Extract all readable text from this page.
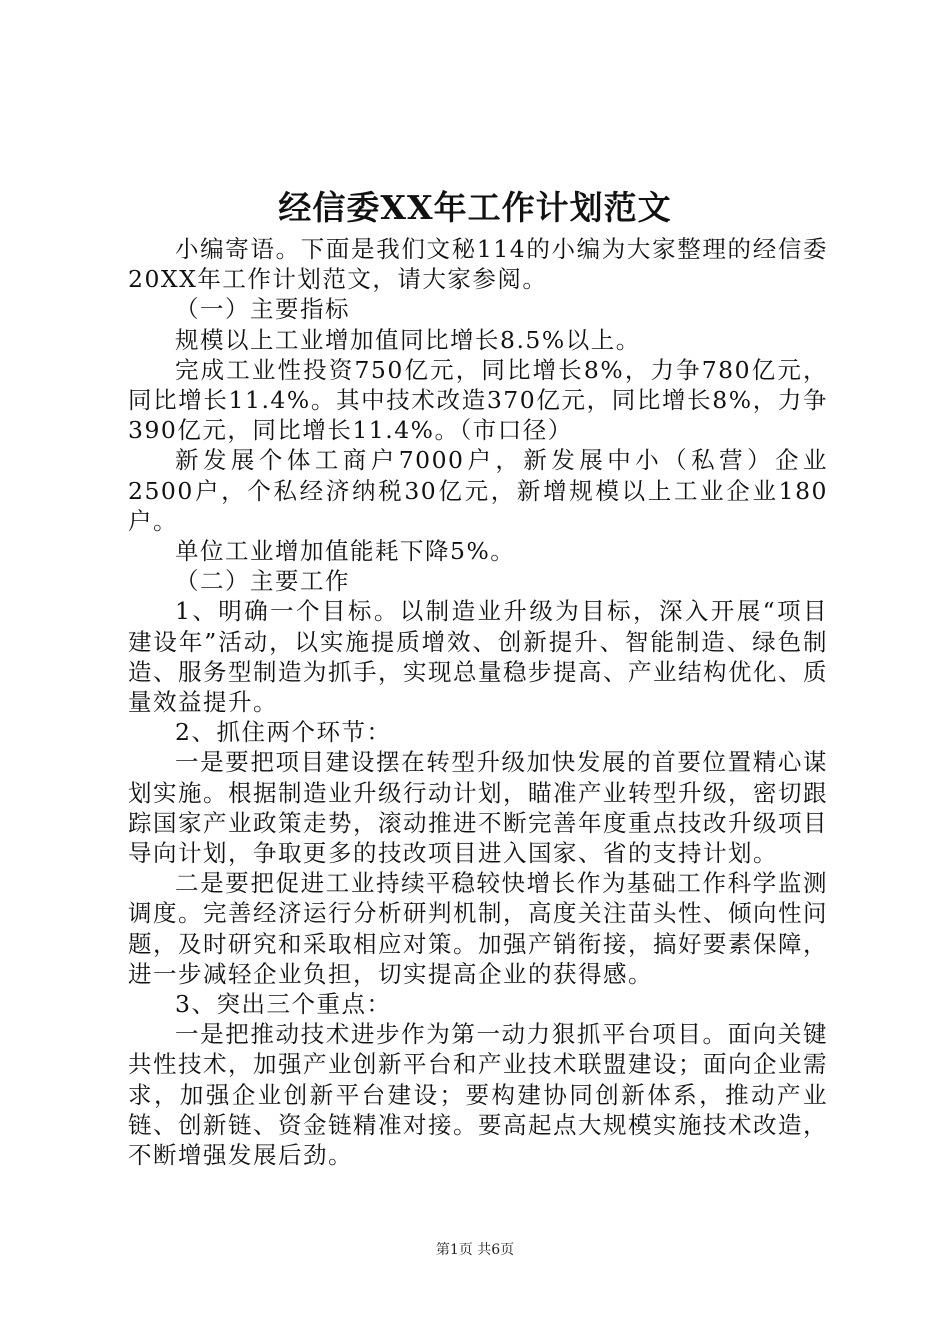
经信委XX年工作计划范文

小编寄语。下面是我们文秘114的小编为大家整理的经信委20XX年工作计划范文，请大家参阅。

（一）主要指标

规模以上工业增加值同比增长8.5%以上。

完成工业性投资750亿元，同比增长8%，力争780亿元，同比增长11.4%。其中技术改造370亿元，同比增长8%，力争390亿元，同比增长11.4%。（市口径）

新发展个体工商户7000户，新发展中小（私营）企业2500户，个私经济纳税30亿元，新增规模以上工业企业180户。

单位工业增加值能耗下降5%。

（二）主要工作

1、明确一个目标。以制造业升级为目标，深入开展“项目建设年”活动，以实施提质增效、创新提升、智能制造、绿色制造、服务型制造为抓手，实现总量稳步提高、产业结构优化、质量效益提升。

2、抓住两个环节：

一是要把项目建设摆在转型升级加快发展的首要位置精心谋划实施。根据制造业升级行动计划，瞄准产业转型升级，密切跟踪国家产业政策走势，滚动推进不断完善年度重点技改升级项目导向计划，争取更多的技改项目进入国家、省的支持计划。

二是要把促进工业持续平稳较快增长作为基础工作科学监测调度。完善经济运行分析研判机制，高度关注苗头性、倾向性问题，及时研究和采取相应对策。加强产销衔接，搞好要素保障，进一步减轻企业负担，切实提高企业的获得感。

3、突出三个重点：

一是把推动技术进步作为第一动力狠抓平台项目。面向关键共性技术，加强产业创新平台和产业技术联盟建设；面向企业需求，加强企业创新平台建设；要构建协同创新体系，推动产业链、创新链、资金链精准对接。要高起点大规模实施技术改造，不断增强发展后劲。

第1页 共6页
